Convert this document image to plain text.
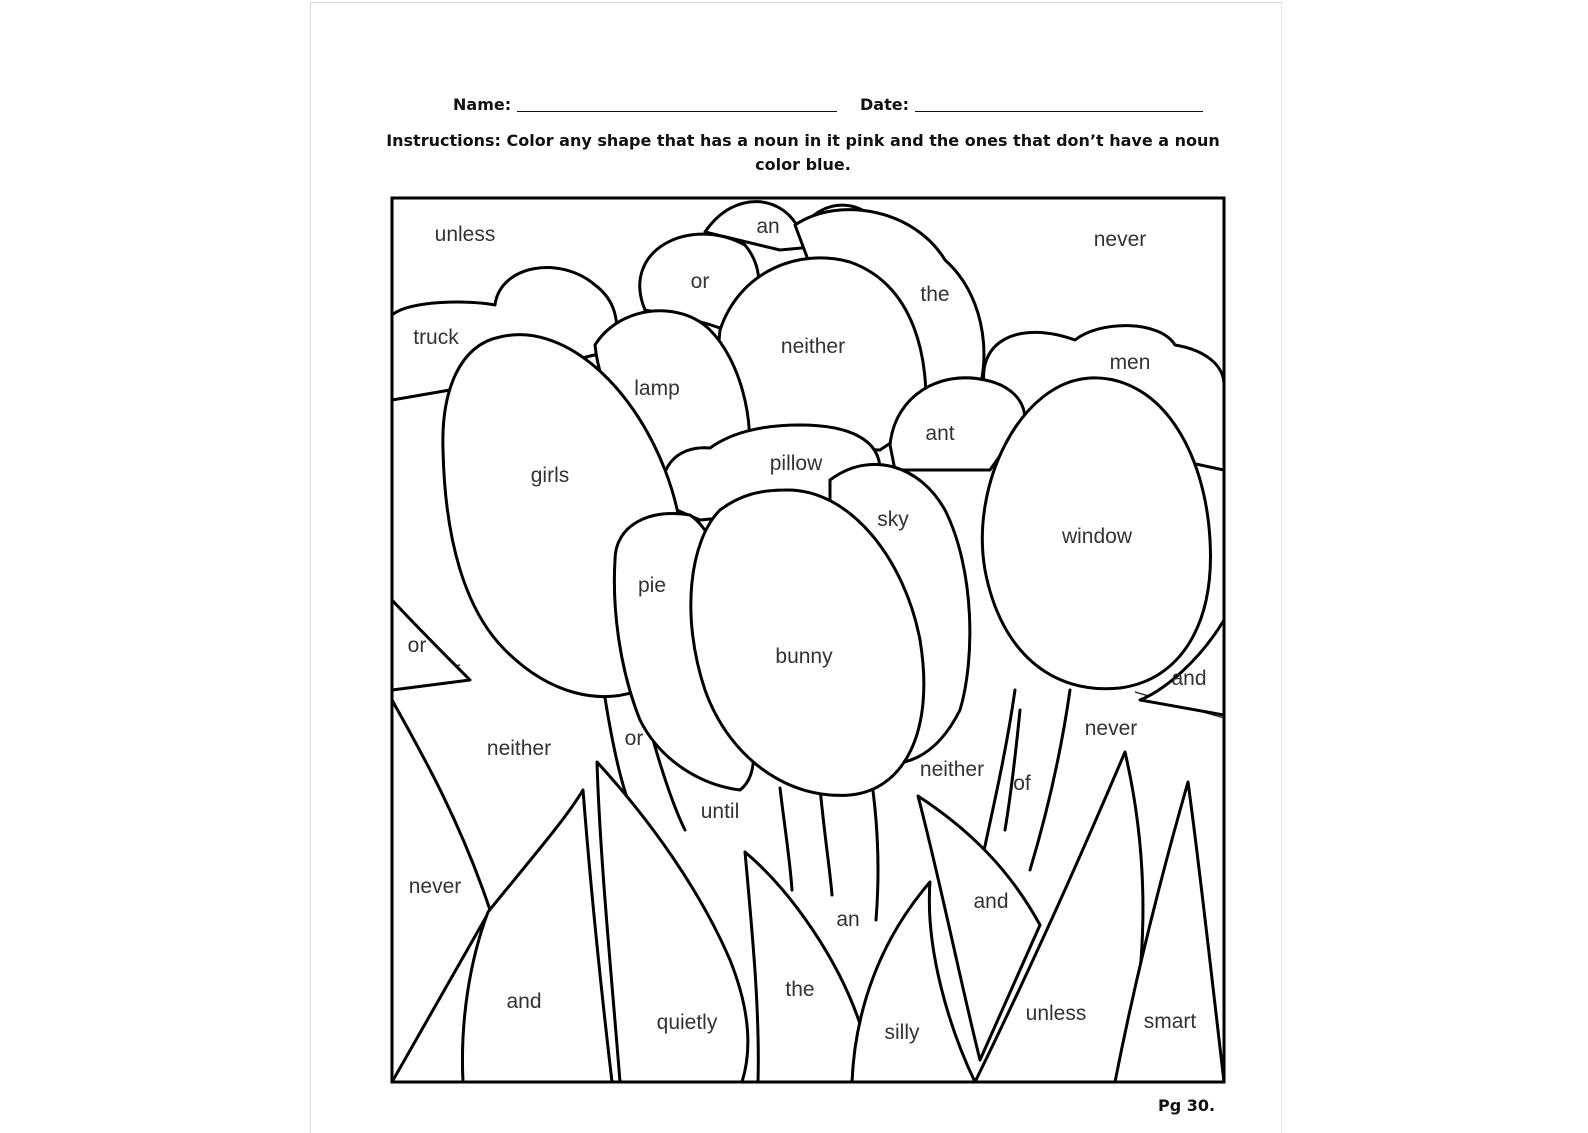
Name:	Date:
Instructions: Color any shape that has a noun in it pink and the ones that don’t have a noun color blue.
unless	an
never
or
the
truck	neither
men
lamp
ant
pillow
girls
sky
window
pie
bunny
or
and
neither	or	never
neither
of
until
never
and
an
the
and
quietly	silly
unless	smart
Pg 30.
